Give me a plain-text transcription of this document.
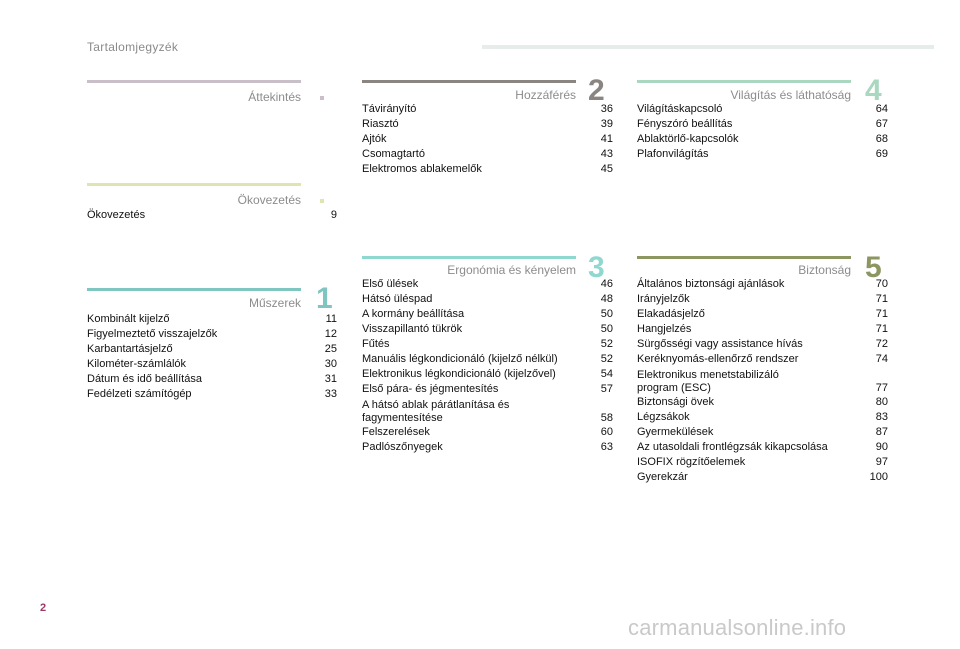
Tartalomjegyzék
Áttekintés
Ökovezetés
Ökovezetés	9
Műszerek 1
Kombinált kijelző	11
Figyelmeztető visszajelzők	12
Karbantartásjelző	25
Kilométer-számlálók	30
Dátum és idő beállítása	31
Fedélzeti számítógép	33
Hozzáférés 2
Távirányító	36
Riasztó	39
Ajtók	41
Csomagtartó	43
Elektromos ablakemelők	45
Ergonómia és kényelem 3
Első ülések	46
Hátsó üléspad	48
A kormány beállítása	50
Visszapillantó tükrök	50
Fűtés	52
Manuális légkondicionáló (kijelző nélkül)	52
Elektronikus légkondicionáló (kijelzővel)	54
Első pára- és jégmentesítés	57
A hátsó ablak párátlanítása és
fagymentesítése	58
Felszerelések	60
Padlószőnyegek	63
Világítás és láthatóság 4
Világításkapcsoló	64
Fényszóró beállítás	67
Ablaktörlő-kapcsolók	68
Plafonvilágítás	69
Biztonság 5
Általános biztonsági ajánlások	70
Irányjelzők	71
Elakadásjelző	71
Hangjelzés	71
Sürgősségi vagy assistance hívás	72
Keréknyomás-ellenőrző rendszer	74
Elektronikus menetstabilizáló
program (ESC)	77
Biztonsági övek	80
Légzsákok	83
Gyermekülések	87
Az utasoldali frontlégzsák kikapcsolása	90
ISOFIX rögzítőelemek	97
Gyerekzár	100
2
carmanualsonline.info
